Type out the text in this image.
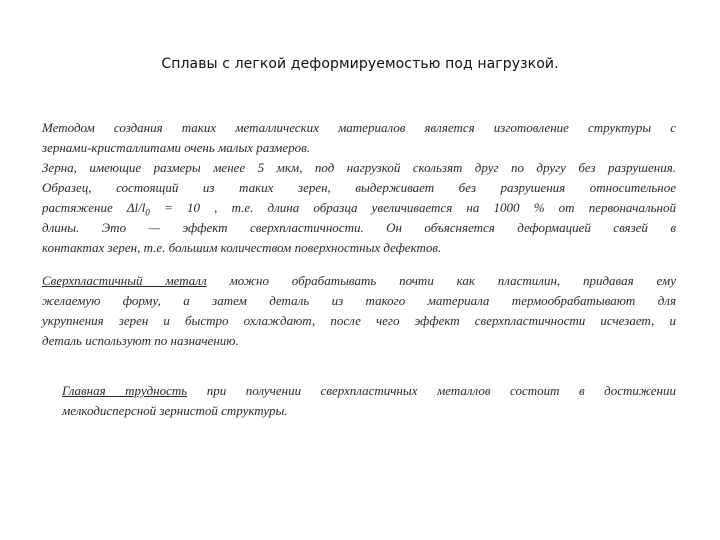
Сплавы с легкой деформируемостью под нагрузкой.

Методом создания таких металлических материалов является изготовление структуры с
зернами-кристаллитами очень малых размеров.
Зерна, имеющие размеры менее 5 мкм, под нагрузкой скользят друг по другу без разрушения.
Образец, состоящий из таких зерен, выдерживает без разрушения относительное
растяжение $\Delta l/l_0 = 10$ , т.е. длина образца увеличивается на 1000 % от первоначальной
длины. Это — эффект сверхпластичности. Он объясняется деформацией связей в
контактах зерен, т.е. большим количеством поверхностных дефектов.

Сверхпластичный металл можно обрабатывать почти как пластилин, придавая ему
желаемую форму, а затем деталь из такого материала термообрабатывают для
укрупнения зерен и быстро охлаждают, после чего эффект сверхпластичности исчезает, и
деталь используют по назначению.

Главная трудность при получении сверхпластичных металлов состоит в достижении
мелкодисперсной зернистой структуры.
